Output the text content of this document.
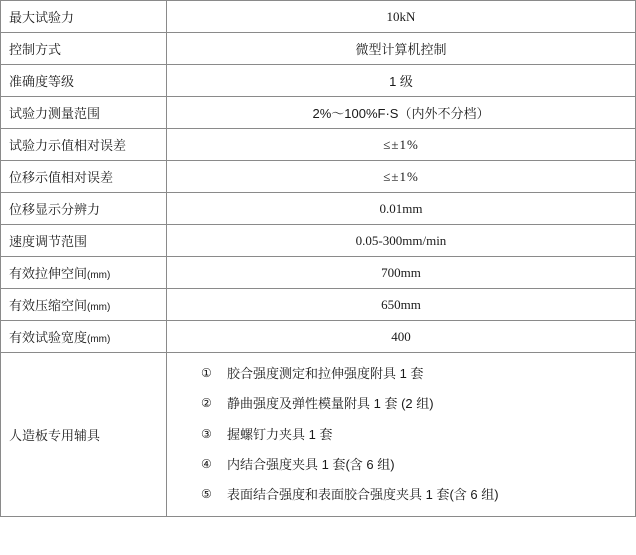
最大试验力	10kN
控制方式	微型计算机控制
准确度等级	1 级
试验力测量范围	2%～100%F·S（内外不分档）
试验力示值相对误差	≤±1%
位移示值相对误差	≤±1%
位移显示分辨力	0.01mm
速度调节范围	0.05-300mm/min
有效拉伸空间(mm)	700mm
有效压缩空间(mm)	650mm
有效试验宽度(mm)	400
人造板专用辅具	
①	胶合强度测定和拉伸强度附具 1 套
②	静曲强度及弹性模量附具 1 套 (2 组)
③	握螺钉力夹具 1 套
④	内结合强度夹具 1 套(含 6 组)
⑤	表面结合强度和表面胶合强度夹具 1 套(含 6 组)
